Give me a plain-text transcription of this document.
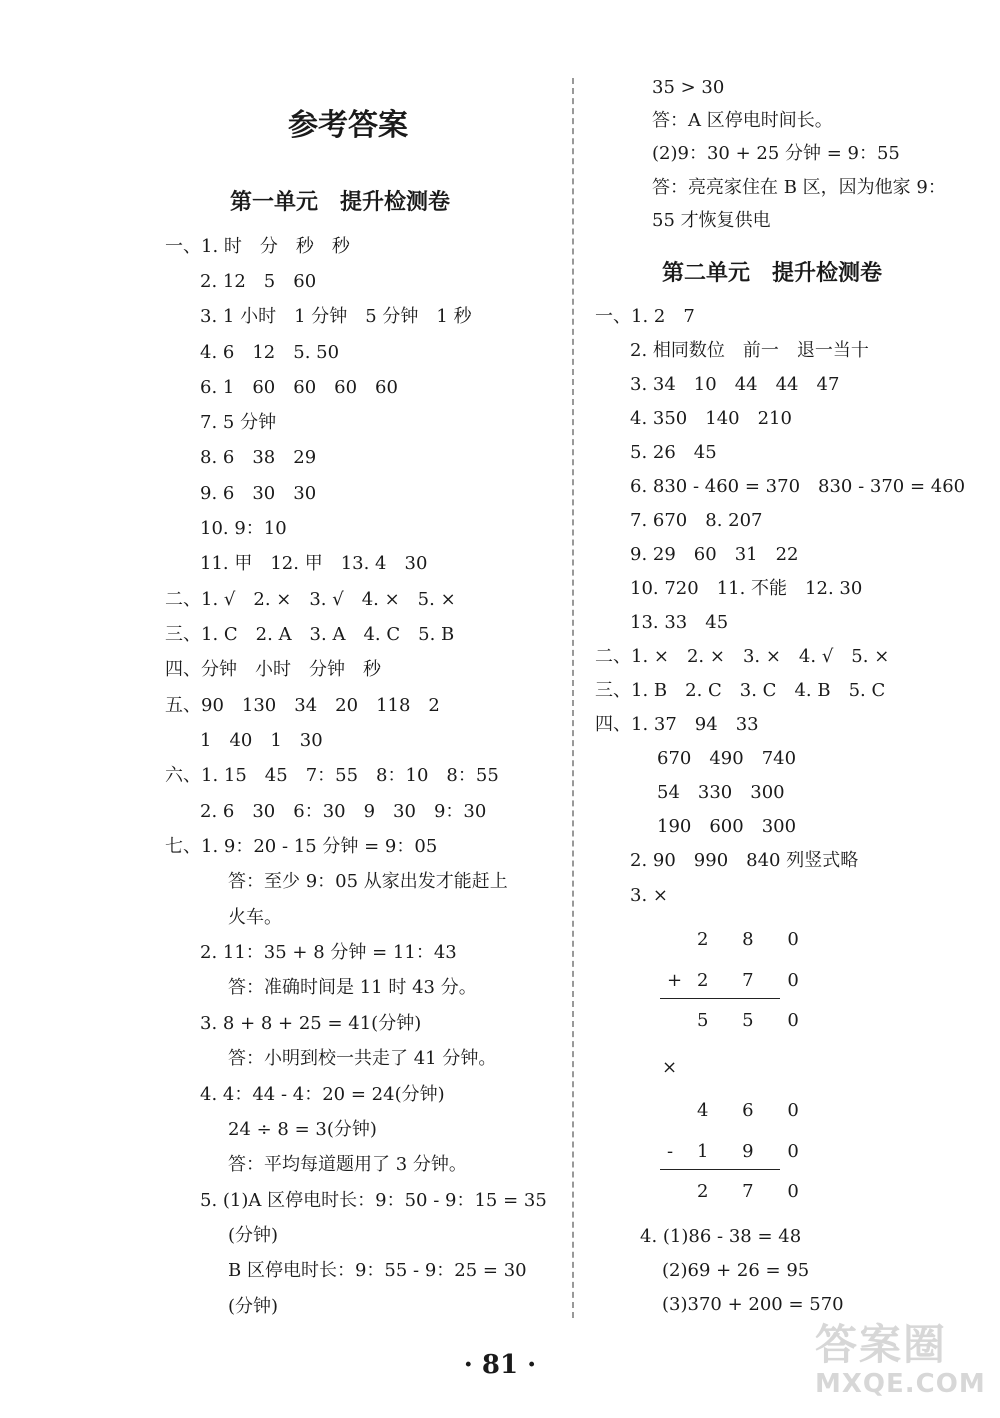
参考答案
第一单元　提升检测卷
一、1. 时　分　秒　秒
2. 12　5　60
3. 1 小时　1 分钟　5 分钟　1 秒
4. 6　12　5. 50
6. 1　60　60　60　60
7. 5 分钟
8. 6　38　29
9. 6　30　30
10. 9：10
11. 甲　12. 甲　13. 4　30
二、1. √　2. ×　3. √　4. ×　5. ×
三、1. C　2. A　3. A　4. C　5. B
四、分钟　小时　分钟　秒
五、90　130　34　20　118　2
1　40　1　30
六、1. 15　45　7：55　8：10　8：55
2. 6　30　6：30　9　30　9：30
七、1. 9：20 - 15 分钟 = 9：05
答：至少 9：05 从家出发才能赶上
火车。
2. 11：35 + 8 分钟 = 11：43
答：准确时间是 11 时 43 分。
3. 8 + 8 + 25 = 41(分钟)
答：小明到校一共走了 41 分钟。
4. 4：44 - 4：20 = 24(分钟)
24 ÷ 8 = 3(分钟)
答：平均每道题用了 3 分钟。
5. (1)A 区停电时长：9：50 - 9：15 = 35
(分钟)
B 区停电时长：9：55 - 9：25 = 30
(分钟)
35 > 30
答：A 区停电时间长。
(2)9：30 + 25 分钟 = 9：55
答：亮亮家住在 B 区，因为他家 9：
55 才恢复供电
第二单元　提升检测卷
一、1. 2　7
2. 相同数位　前一　退一当十
3. 34　10　44　44　47
4. 350　140　210
5. 26　45
6. 830 - 460 = 370　830 - 370 = 460
7. 670　8. 207
9. 29　60　31　22
10. 720　11. 不能　12. 30
13. 33　45
二、1. ×　2. ×　3. ×　4. √　5. ×
三、1. B　2. C　3. C　4. B　5. C
四、1. 37　94　33
670　490　740
54　330　300
190　600　300
2. 90　990　840 列竖式略
3. ×
2 8 0
+ 2 7 0
5 5 0
×
4 6 0
- 1 9 0
2 7 0
4. (1)86 - 38 = 48
(2)69 + 26 = 95
(3)370 + 200 = 570
· 81 ·	答案圈
MXQE.COM
